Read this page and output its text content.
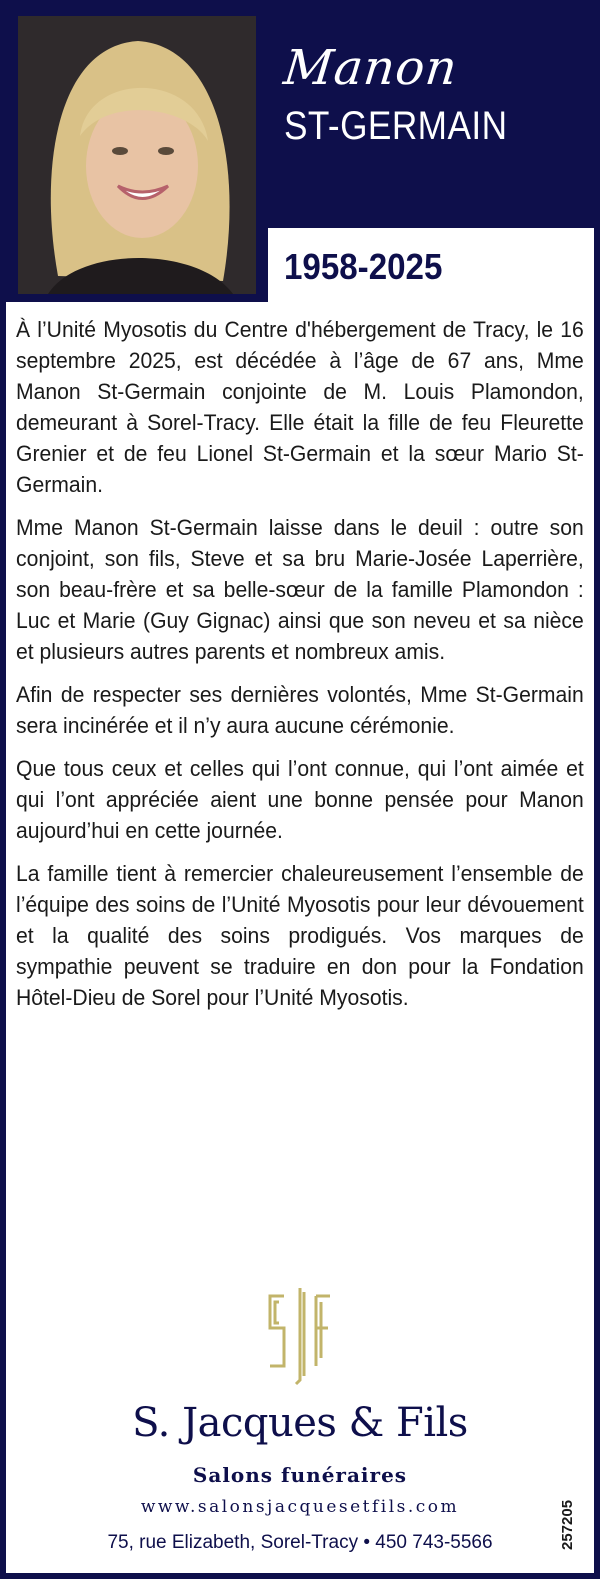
Manon
ST-GERMAIN
1958-2025

À l’Unité Myosotis du Centre d'hébergement de Tracy, le 16 septembre 2025, est décédée à l’âge de 67 ans, Mme Manon St-Germain conjointe de M. Louis Plamondon, demeurant à Sorel-Tracy. Elle était la fille de feu Fleurette Grenier et de feu Lionel St-Germain et la sœur Mario St-Germain.

Mme Manon St-Germain laisse dans le deuil : outre son conjoint, son fils, Steve et sa bru Marie-Josée Laperrière, son beau-frère et sa belle-sœur de la famille Plamondon : Luc et Marie (Guy Gignac) ainsi que son neveu et sa nièce et plusieurs autres parents et nombreux amis.

Afin de respecter ses dernières volontés, Mme St-Germain sera incinérée et il n’y aura aucune cérémonie.

Que tous ceux et celles qui l’ont connue, qui l’ont aimée et qui l’ont appréciée aient une bonne pensée pour Manon aujourd’hui en cette journée.

La famille tient à remercier chaleureusement l’ensemble de l’équipe des soins de l’Unité Myosotis pour leur dévouement et la qualité des soins prodigués. Vos marques de sympathie peuvent se traduire en don pour la Fondation Hôtel-Dieu de Sorel pour l’Unité Myosotis.

S. Jacques & Fils
Salons funéraires
www.salonsjacquesetfils.com
75, rue Elizabeth, Sorel-Tracy • 450 743-5566	257205
